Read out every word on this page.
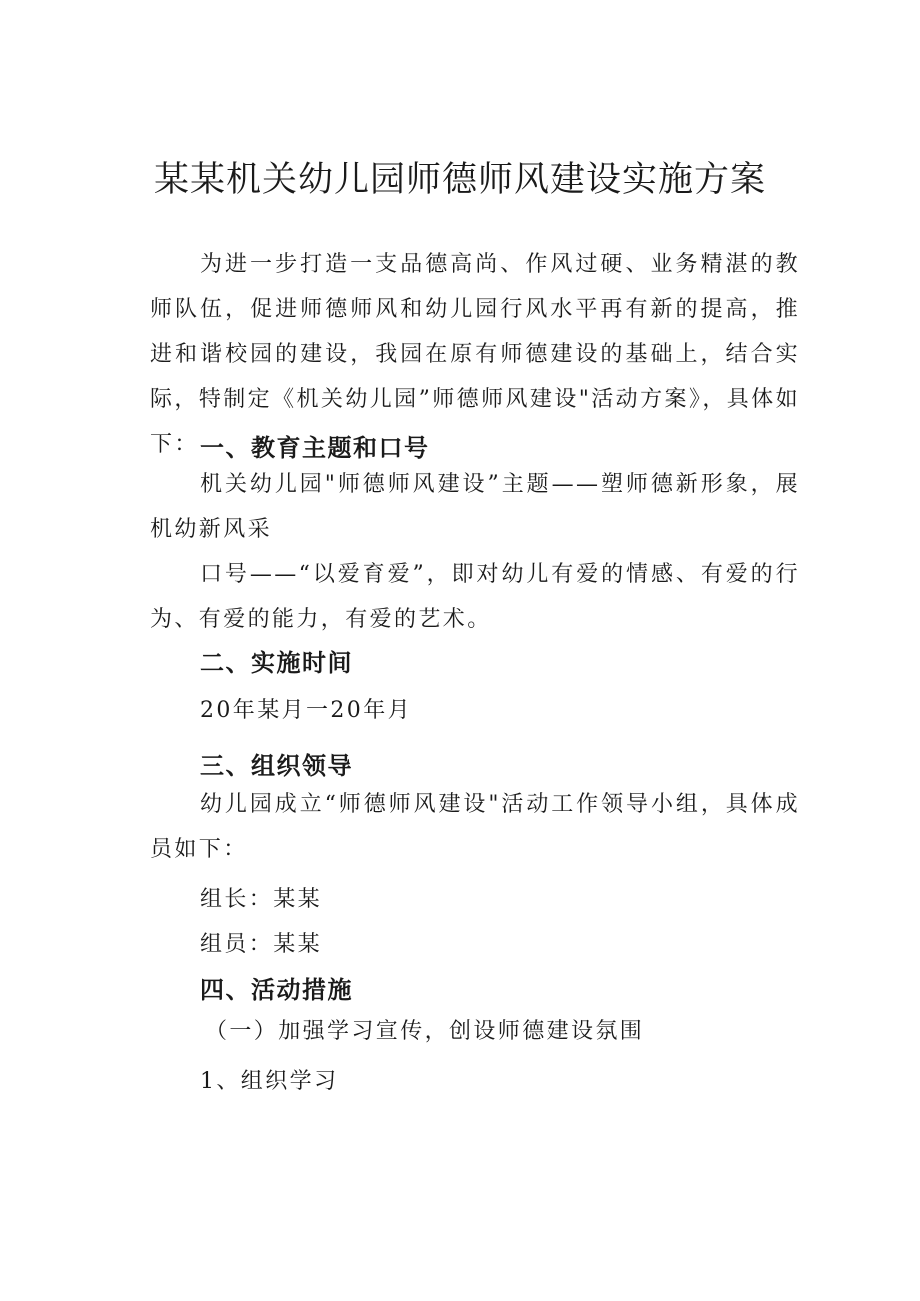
某某机关幼儿园师德师风建设实施方案

为进一步打造一支品德高尚、作风过硬、业务精湛的教师队伍，促进师德师风和幼儿园行风水平再有新的提高，推进和谐校园的建设，我园在原有师德建设的基础上，结合实际，特制定《机关幼儿园”师德师风建设"活动方案》，具体如下： 一、教育主题和口号

机关幼儿园"师德师风建设”主题——塑师德新形象，展机幼新风采

口号——“以爱育爱”，即对幼儿有爱的情感、有爱的行为、有爱的能力，有爱的艺术。

二、实施时间
20年某月一20年月
三、组织领导

幼儿园成立“师德师风建设"活动工作领导小组，具体成员如下：

组长：某某
组员：某某
四、活动措施
（一）加强学习宣传，创设师德建设氛围
1、组织学习
